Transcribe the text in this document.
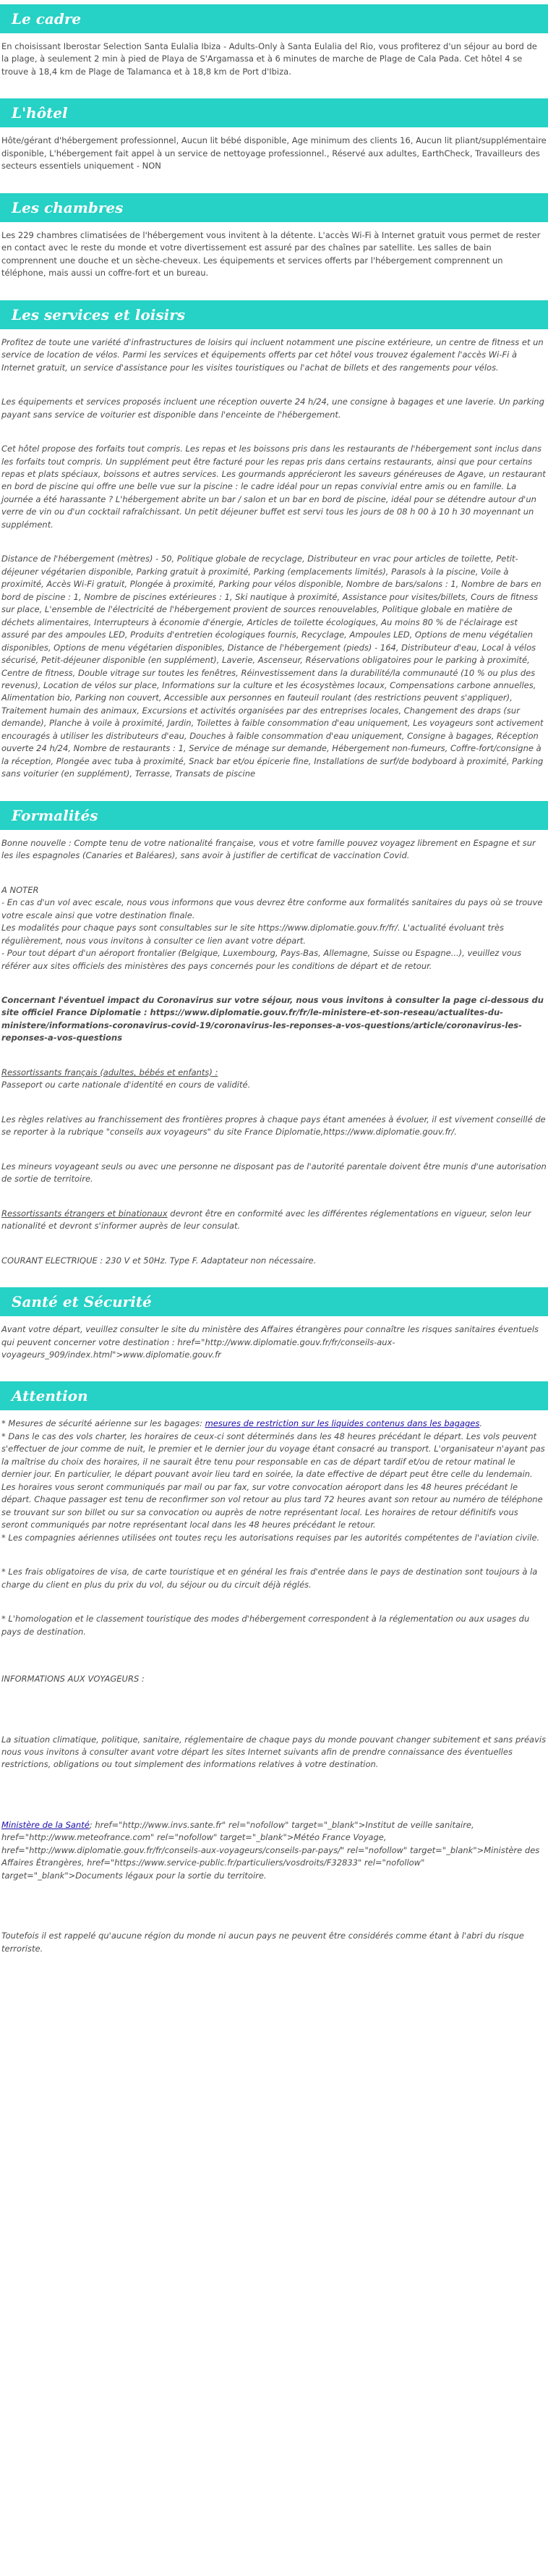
Le cadre
En choisissant Iberostar Selection Santa Eulalia Ibiza - Adults-Only à Santa Eulalia del Rio, vous profiterez d'un séjour au bord de la plage, à seulement 2 min à pied de Playa de S'Argamassa et à 6 minutes de marche de Plage de Cala Pada. Cet hôtel 4 se trouve à 18,4 km de Plage de Talamanca et à 18,8 km de Port d'Ibiza.
L'hôtel
Hôte/gérant d'hébergement professionnel, Aucun lit bébé disponible, Age minimum des clients 16, Aucun lit pliant/supplémentaire disponible, L'hébergement fait appel à un service de nettoyage professionnel., Réservé aux adultes, EarthCheck, Travailleurs des secteurs essentiels uniquement - NON
Les chambres
Les 229 chambres climatisées de l'hébergement vous invitent à la détente. L'accès Wi-Fi à Internet gratuit vous permet de rester en contact avec le reste du monde et votre divertissement est assuré par des chaînes par satellite. Les salles de bain comprennent une douche et un sèche-cheveux. Les équipements et services offerts par l'hébergement comprennent un téléphone, mais aussi un coffre-fort et un bureau.
Les services et loisirs
Profitez de toute une variété d'infrastructures de loisirs qui incluent notamment une piscine extérieure, un centre de fitness et un service de location de vélos. Parmi les services et équipements offerts par cet hôtel vous trouvez également l'accès Wi-Fi à Internet gratuit, un service d'assistance pour les visites touristiques ou l'achat de billets et des rangements pour vélos.
Les équipements et services proposés incluent une réception ouverte 24 h/24, une consigne à bagages et une laverie. Un parking payant sans service de voiturier est disponible dans l'enceinte de l'hébergement.
Cet hôtel propose des forfaits tout compris. Les repas et les boissons pris dans les restaurants de l'hébergement sont inclus dans les forfaits tout compris. Un supplément peut être facturé pour les repas pris dans certains restaurants, ainsi que pour certains repas et plats spéciaux, boissons et autres services. Les gourmands apprécieront les saveurs généreuses de Agave, un restaurant en bord de piscine qui offre une belle vue sur la piscine : le cadre idéal pour un repas convivial entre amis ou en famille. La journée a été harassante ? L'hébergement abrite un bar / salon et un bar en bord de piscine, idéal pour se détendre autour d'un verre de vin ou d'un cocktail rafraîchissant. Un petit déjeuner buffet est servi tous les jours de 08 h 00 à 10 h 30 moyennant un supplément.
Distance de l'hébergement (mètres) - 50, Politique globale de recyclage, Distributeur en vrac pour articles de toilette, Petit-déjeuner végétarien disponible, Parking gratuit à proximité, Parking (emplacements limités), Parasols à la piscine, Voile à proximité, Accès Wi-Fi gratuit, Plongée à proximité, Parking pour vélos disponible, Nombre de bars/salons : 1, Nombre de bars en bord de piscine : 1, Nombre de piscines extérieures : 1, Ski nautique à proximité, Assistance pour visites/billets, Cours de fitness sur place, L'ensemble de l'électricité de l'hébergement provient de sources renouvelables, Politique globale en matière de déchets alimentaires, Interrupteurs à économie d'énergie, Articles de toilette écologiques, Au moins 80 % de l'éclairage est assuré par des ampoules LED, Produits d'entretien écologiques fournis, Recyclage, Ampoules LED, Options de menu végétalien disponibles, Options de menu végétarien disponibles, Distance de l'hébergement (pieds) - 164, Distributeur d'eau, Local à vélos sécurisé, Petit-déjeuner disponible (en supplément), Laverie, Ascenseur, Réservations obligatoires pour le parking à proximité, Centre de fitness, Double vitrage sur toutes les fenêtres, Réinvestissement dans la durabilité/la communauté (10 % ou plus des revenus), Location de vélos sur place, Informations sur la culture et les écosystèmes locaux, Compensations carbone annuelles, Alimentation bio, Parking non couvert, Accessible aux personnes en fauteuil roulant (des restrictions peuvent s'appliquer), Traitement humain des animaux, Excursions et activités organisées par des entreprises locales, Changement des draps (sur demande), Planche à voile à proximité, Jardin, Toilettes à faible consommation d'eau uniquement, Les voyageurs sont activement encouragés à utiliser les distributeurs d'eau, Douches à faible consommation d'eau uniquement, Consigne à bagages, Réception ouverte 24 h/24, Nombre de restaurants : 1, Service de ménage sur demande, Hébergement non-fumeurs, Coffre-fort/consigne à la réception, Plongée avec tuba à proximité, Snack bar et/ou épicerie fine, Installations de surf/de bodyboard à proximité, Parking sans voiturier (en supplément), Terrasse, Transats de piscine
Formalités
Bonne nouvelle : Compte tenu de votre nationalité française, vous et votre famille pouvez voyagez librement en Espagne et sur les iles espagnoles (Canaries et Baléares), sans avoir à justifier de certificat de vaccination Covid.
A NOTER
- En cas d'un vol avec escale, nous vous informons que vous devrez être conforme aux formalités sanitaires du pays où se trouve votre escale ainsi que votre destination finale.
Les modalités pour chaque pays sont consultables sur le site https://www.diplomatie.gouv.fr/fr/. L'actualité évoluant très régulièrement, nous vous invitons à consulter ce lien avant votre départ.
- Pour tout départ d'un aéroport frontalier (Belgique, Luxembourg, Pays-Bas, Allemagne, Suisse ou Espagne...), veuillez vous référer aux sites officiels des ministères des pays concernés pour les conditions de départ et de retour.
Concernant l'éventuel impact du Coronavirus sur votre séjour, nous vous invitons à consulter la page ci-dessous du site officiel France Diplomatie : https://www.diplomatie.gouv.fr/fr/le-ministere-et-son-reseau/actualites-du-ministere/informations-coronavirus-covid-19/coronavirus-les-reponses-a-vos-questions/article/coronavirus-les-reponses-a-vos-questions
Ressortissants français (adultes, bébés et enfants) :
Passeport ou carte nationale d'identité en cours de validité.
Les règles relatives au franchissement des frontières propres à chaque pays étant amenées à évoluer, il est vivement conseillé de se reporter à la rubrique "conseils aux voyageurs" du site France Diplomatie,https://www.diplomatie.gouv.fr/.
Les mineurs voyageant seuls ou avec une personne ne disposant pas de l'autorité parentale doivent être munis d'une autorisation de sortie de territoire.
Ressortissants étrangers et binationaux devront être en conformité avec les différentes réglementations en vigueur, selon leur nationalité et devront s'informer auprès de leur consulat.
COURANT ELECTRIQUE : 230 V et 50Hz. Type F. Adaptateur non nécessaire.
Santé et Sécurité
Avant votre départ, veuillez consulter le site du ministère des Affaires étrangères pour connaître les risques sanitaires éventuels qui peuvent concerner votre destination : href="http://www.diplomatie.gouv.fr/fr/conseils-aux-voyageurs_909/index.html">www.diplomatie.gouv.fr
Attention
* Mesures de sécurité aérienne sur les bagages: mesures de restriction sur les liquides contenus dans les bagages.
* Dans le cas des vols charter, les horaires de ceux-ci sont déterminés dans les 48 heures précédant le départ. Les vols peuvent s'effectuer de jour comme de nuit, le premier et le dernier jour du voyage étant consacré au transport. L'organisateur n'ayant pas la maîtrise du choix des horaires, il ne saurait être tenu pour responsable en cas de départ tardif et/ou de retour matinal le dernier jour. En particulier, le départ pouvant avoir lieu tard en soirée, la date effective de départ peut être celle du lendemain. Les horaires vous seront communiqués par mail ou par fax, sur votre convocation aéroport dans les 48 heures précédant le départ. Chaque passager est tenu de reconfirmer son vol retour au plus tard 72 heures avant son retour au numéro de téléphone se trouvant sur son billet ou sur sa convocation ou auprès de notre représentant local. Les horaires de retour définitifs vous seront communiqués par notre représentant local dans les 48 heures précédant le retour.
* Les compagnies aériennes utilisées ont toutes reçu les autorisations requises par les autorités compétentes de l'aviation civile.
* Les frais obligatoires de visa, de carte touristique et en général les frais d'entrée dans le pays de destination sont toujours à la charge du client en plus du prix du vol, du séjour ou du circuit déjà réglés.
* L'homologation et le classement touristique des modes d'hébergement correspondent à la réglementation ou aux usages du pays de destination.
INFORMATIONS AUX VOYAGEURS :
La situation climatique, politique, sanitaire, réglementaire de chaque pays du monde pouvant changer subitement et sans préavis nous vous invitons à consulter avant votre départ les sites Internet suivants afin de prendre connaissance des éventuelles restrictions, obligations ou tout simplement des informations relatives à votre destination.
Ministère de la Santé; href="http://www.invs.sante.fr" rel="nofollow" target="_blank">Institut de veille sanitaire, href="http://www.meteofrance.com" rel="nofollow" target="_blank">Météo France Voyage, href="http://www.diplomatie.gouv.fr/fr/conseils-aux-voyageurs/conseils-par-pays/" rel="nofollow" target="_blank">Ministère des Affaires Étrangères, href="https://www.service-public.fr/particuliers/vosdroits/F32833" rel="nofollow" target="_blank">Documents légaux pour la sortie du territoire.
Toutefois il est rappelé qu'aucune région du monde ni aucun pays ne peuvent être considérés comme étant à l'abri du risque terroriste.
